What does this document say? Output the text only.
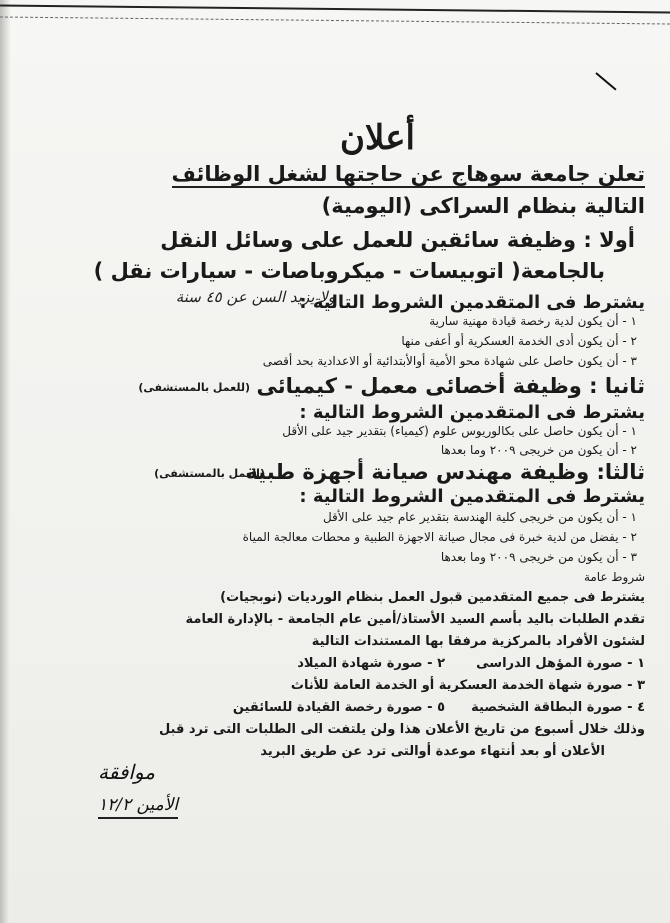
أعلان
تعلن جامعة سوهاج عن حاجتها لشغل الوظائف
التالية بنظام السراكى (اليومية)
أولا : وظيفة سائقين للعمل على وسائل النقل
بالجامعة( اتوبيسات - ميكروباصات - سيارات نقل )
يشترط فى المتقدمين الشروط التالية :
ولا يزيد السن عن ٤٥ سنة
١ - أن يكون لدية رخصة قيادة مهنية سارية
٢ - أن يكون أدى الخدمة العسكرية أو أعفى منها
٣ - أن يكون حاصل على شهادة محو الأمية أوالأبتدائية أو الاعدادية بحد أقصى
ثانيا : وظيفة أخصائى معمل - كيميائى
(للعمل بالمستشفى)
يشترط فى المتقدمين الشروط التالية :
١ - أن يكون حاصل على بكالوريوس علوم (كيمياء) بتقدير جيد على الأقل
٢ - أن يكون من خريجى ٢٠٠٩ وما بعدها
ثالثا: وظيفة مهندس صيانة أجهزة طبية
(العمل بالمستشفى)
يشترط فى المتقدمين الشروط التالية :
١ - أن يكون من خريجى كلية الهندسة بتقدير عام جيد على الأقل
٢ - يفضل من لدية خبرة فى مجال صيانة الاجهزة الطبية و محطات معالجة المياة
٣ - أن يكون من خريجى ٢٠٠٩ وما بعدها
شروط عامة
يشترط فى جميع المتقدمين قبول العمل بنظام الورديات (نوبجيات)
تقدم الطلبات باليد بأسم السيد الأستاذ/أمين عام الجامعة - بالإدارة العامة
لشئون الأفراد بالمركزية مرفقا بها المستندات التالية
١ - صورة المؤهل الدراسى
٢ - صورة شهادة الميلاد
٣ - صورة شهاة الخدمة العسكرية أو الخدمة العامة للأناث
٤ - صورة البطاقة الشخصية
٥ - صورة رخصة القيادة للسائقين
وذلك خلال أسبوع من تاريخ الأعلان هذا ولن يلتفت الى الطلبات التى ترد قبل
الأعلان أو بعد أنتهاء موعدة أوالتى ترد عن طريق البريد
موافقة
الأمين ١٢/٢
